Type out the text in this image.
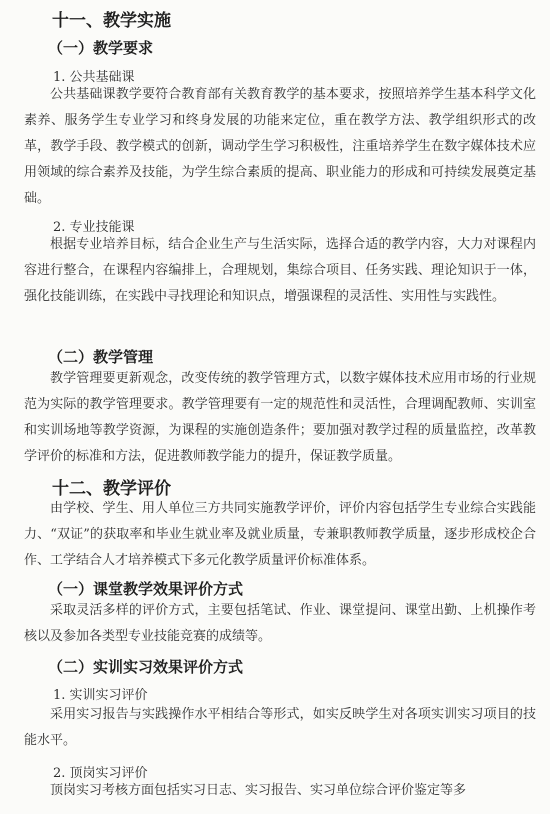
十一、教学实施
（一）教学要求
1. 公共基础课
公共基础课教学要符合教育部有关教育教学的基本要求，按照培养学生基本科学文化素养、服务学生专业学习和终身发展的功能来定位，重在教学方法、教学组织形式的改革，教学手段、教学模式的创新，调动学生学习积极性，注重培养学生在数字媒体技术应用领域的综合素养及技能，为学生综合素质的提高、职业能力的形成和可持续发展奠定基础。
2. 专业技能课
根据专业培养目标，结合企业生产与生活实际，选择合适的教学内容，大力对课程内容进行整合，在课程内容编排上，合理规划，集综合项目、任务实践、理论知识于一体，强化技能训练，在实践中寻找理论和知识点，增强课程的灵活性、实用性与实践性。
（二）教学管理
教学管理要更新观念，改变传统的教学管理方式，以数字媒体技术应用市场的行业规范为实际的教学管理要求。教学管理要有一定的规范性和灵活性，合理调配教师、实训室和实训场地等教学资源，为课程的实施创造条件；要加强对教学过程的质量监控，改革教学评价的标准和方法，促进教师教学能力的提升，保证教学质量。
十二、教学评价
由学校、学生、用人单位三方共同实施教学评价，评价内容包括学生专业综合实践能力、“双证”的获取率和毕业生就业率及就业质量，专兼职教师教学质量，逐步形成校企合作、工学结合人才培养模式下多元化教学质量评价标准体系。
（一）课堂教学效果评价方式
采取灵活多样的评价方式，主要包括笔试、作业、课堂提问、课堂出勤、上机操作考核以及参加各类型专业技能竞赛的成绩等。
（二）实训实习效果评价方式
1. 实训实习评价
采用实习报告与实践操作水平相结合等形式，如实反映学生对各项实训实习项目的技能水平。
2. 顶岗实习评价
顶岗实习考核方面包括实习日志、实习报告、实习单位综合评价鉴定等多
